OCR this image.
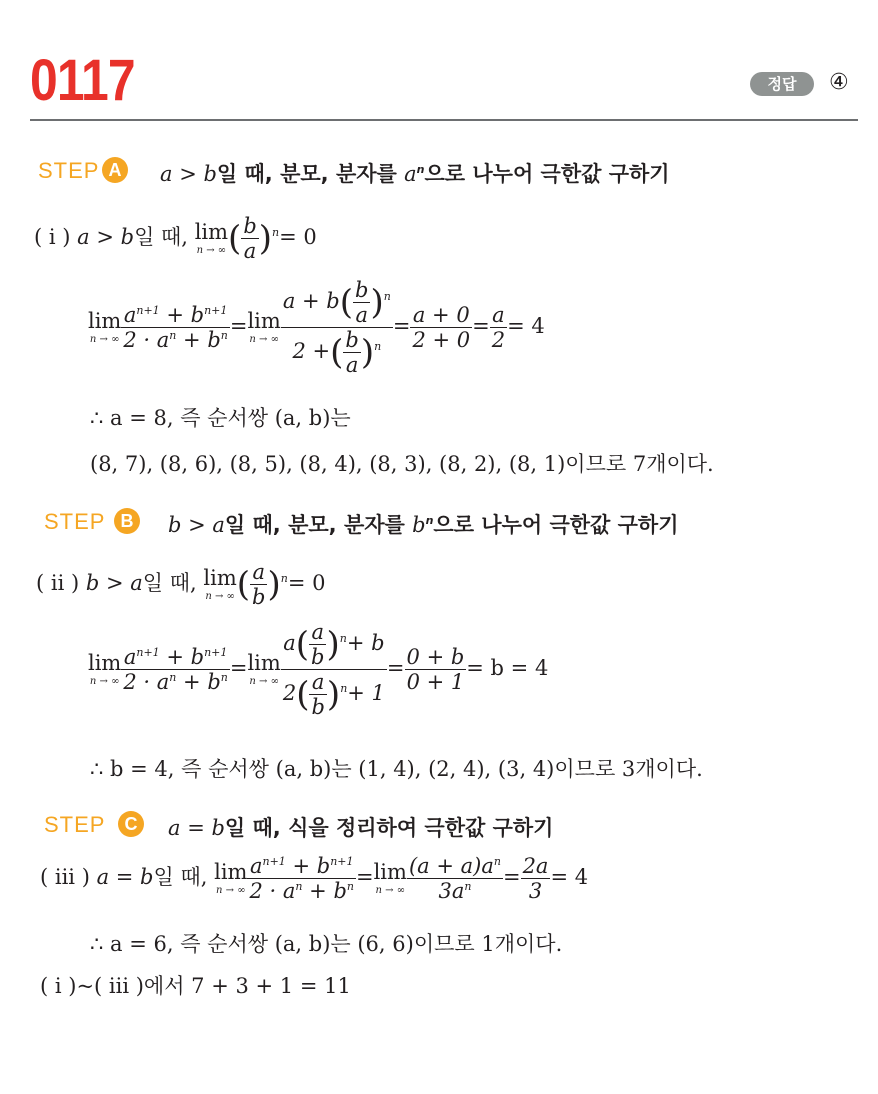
0117	정답	④
STEP A	a > b일 때, 분모, 분자를 $a^n$으로 나누어 극한값 구하기
( i ) a > b일 때, lim
n → ∞ ( $\frac{b}{a} )^n= 0$
lim
n → ∞ $\frac{a^{n+1} + b^{n+1}}{2 \cdot a^n + b^n} = \lim$
n → ∞ $\frac{a + b( \frac{b}{a} )^n}{2 +( \frac{b}{a} )^n} = \frac{a + 0}{2 + 0} = \frac{a}{2} = 4$
∴ a = 8, 즉 순서쌍 (a, b)는
(8, 7), (8, 6), (8, 5), (8, 4), (8, 3), (8, 2), (8, 1)이므로 7개이다.
STEP B	b > a일 때, 분모, 분자를 $b^n$으로 나누어 극한값 구하기
( ii ) b > a일 때, lim
n → ∞ ( $\frac{a}{b} )^n= 0$
lim
n → ∞ $\frac{a^{n+1} + b^{n+1}}{2 \cdot a^n + b^n} = \lim$
n → ∞ $\frac{a( \frac{a}{b} )^n+ b}{2( \frac{a}{b} )^n+ 1} = \frac{0 + b}{0 + 1} = b = 4$
∴ b = 4, 즉 순서쌍 (a, b)는 (1, 4), (2, 4), (3, 4)이므로 3개이다.
STEP	C	a = b일 때, 식을 정리하여 극한값 구하기
( iii ) a = b일 때, lim
n → ∞ $\frac{a^{n+1} + b^{n+1}}{2 \cdot a^n + b^n} = \lim$
n → ∞ $\frac{(a + a)a^n}{3a^n} = \frac{2a}{3} = 4$
∴ a = 6, 즉 순서쌍 (a, b)는 (6, 6)이므로 1개이다.
( i )~( iii )에서 7 + 3 + 1 = 11
